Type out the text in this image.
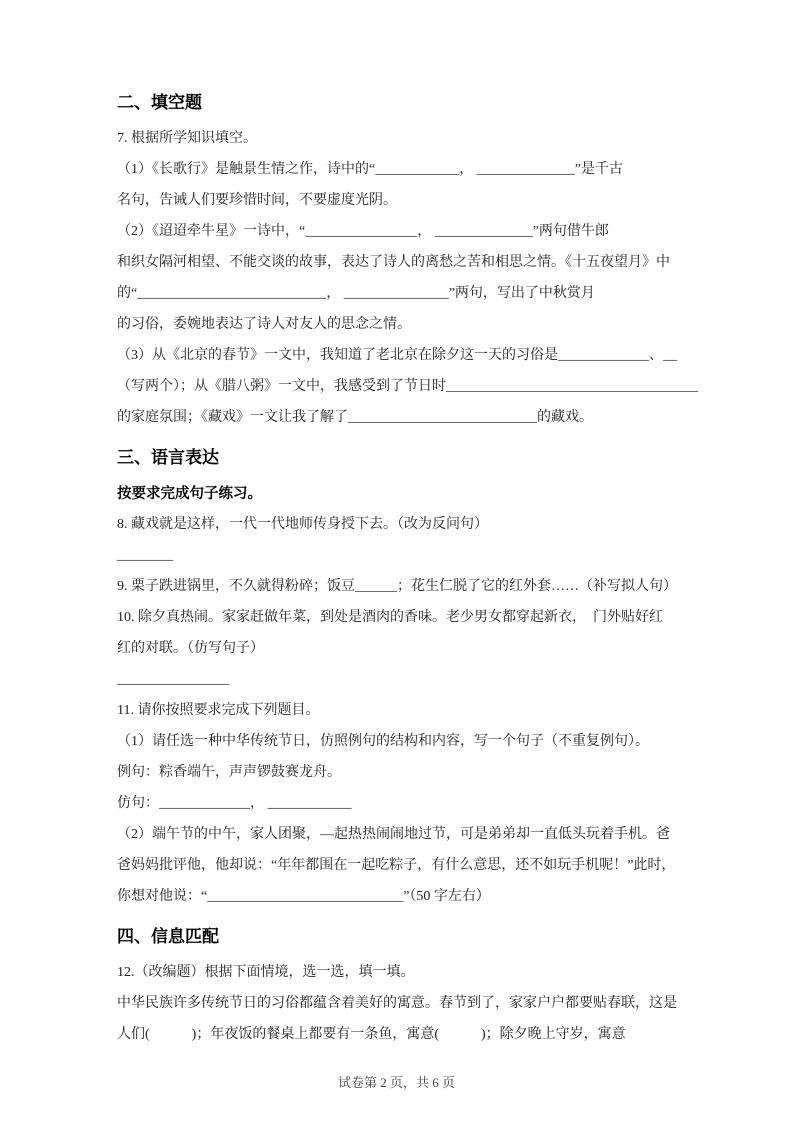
二、填空题
7. 根据所学知识填空。
（1）《长歌行》是触景生情之作，诗中的“____________， ______________”是千古
名句，告诫人们要珍惜时间，不要虚度光阴。
（2）《迢迢牵牛星》一诗中，“________________， ______________”两句借牛郎
和织女隔河相望、不能交谈的故事，表达了诗人的离愁之苦和相思之情。《十五夜望月》中
的“___________________________， _______________”两句，写出了中秋赏月
的习俗，委婉地表达了诗人对友人的思念之情。
（3）从《北京的春节》一文中，我知道了老北京在除夕这一天的习俗是_____________、__
（写两个）；从《腊八粥》一文中，我感受到了节日时____________________________________
的家庭氛围；《藏戏》一文让我了解了___________________________的藏戏。
三、语言表达
按要求完成句子练习。
8. 藏戏就是这样，一代一代地师传身授下去。（改为反问句）
________
9. 栗子跌进锅里，不久就得粉碎；饭豆______；花生仁脱了它的红外套……（补写拟人句）
10. 除夕真热闹。家家赶做年菜，到处是酒肉的香味。老少男女都穿起新衣，  门外贴好红
红的对联。（仿写句子）
________________
11. 请你按照要求完成下列题目。
（1）请任选一种中华传统节日，仿照例句的结构和内容，写一个句子（不重复例句）。
例句：粽香端午，声声锣鼓赛龙舟。
仿句：_____________， ____________
（2）端午节的中午，家人团聚，—起热热闹闹地过节，可是弟弟却一直低头玩着手机。爸
爸妈妈批评他，他却说：“年年都围在一起吃粽子，有什么意思，还不如玩手机呢！”此时，
你想对他说：“____________________________”（50 字左右）
四、信息匹配
12.（改编题）根据下面情境，选一选，填一填。
中华民族许多传统节日的习俗都蕴含着美好的寓意。春节到了，家家户户都要贴春联，这是
人们(　　　)；年夜饭的餐桌上都要有一条鱼，寓意(　　　)；除夕晚上守岁，寓意
试卷第 2 页，共 6 页
